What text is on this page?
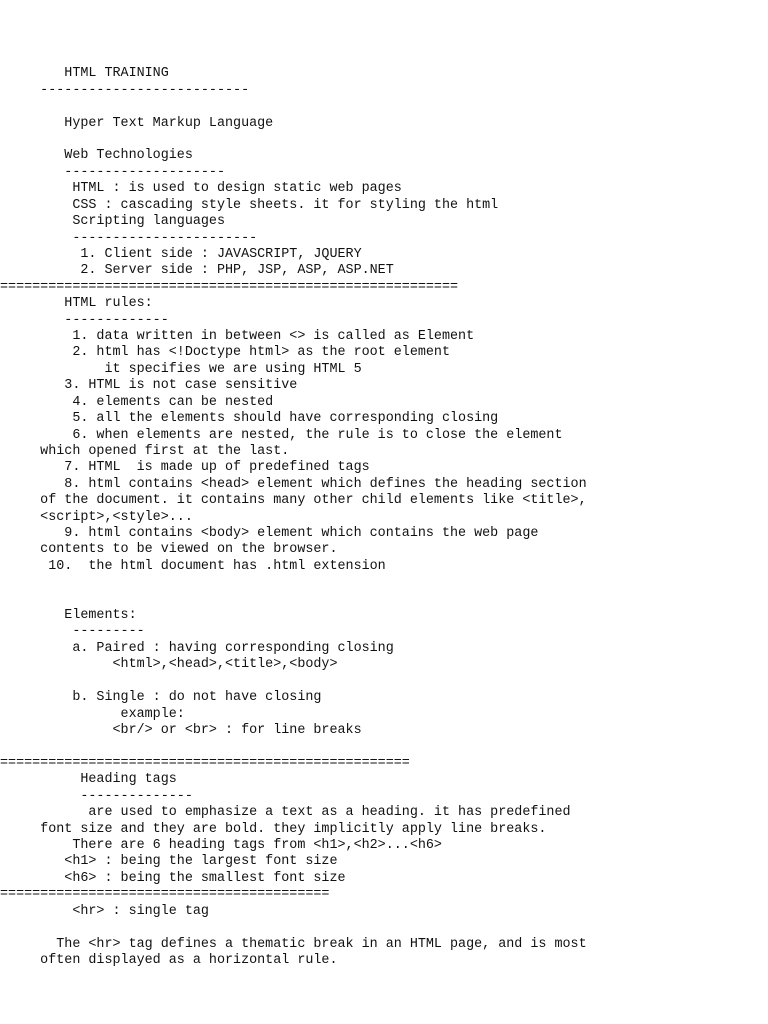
HTML TRAINING
--------------------------
Hyper Text Markup Language
Web Technologies
--------------------
HTML : is used to design static web pages
CSS : cascading style sheets. it for styling the html
Scripting languages
-----------------------
1. Client side : JAVASCRIPT, JQUERY
2. Server side : PHP, JSP, ASP, ASP.NET
=========================================================
HTML rules:
-------------
1. data written in between <> is called as Element
2. html has <!Doctype html> as the root element
it specifies we are using HTML 5
3. HTML is not case sensitive
4. elements can be nested
5. all the elements should have corresponding closing
6. when elements are nested, the rule is to close the element
which opened first at the last.
7. HTML  is made up of predefined tags
8. html contains <head> element which defines the heading section
of the document. it contains many other child elements like <title>,
<script>,<style>...
9. html contains <body> element which contains the web page
contents to be viewed on the browser.
10.  the html document has .html extension
Elements:
---------
a. Paired : having corresponding closing
<html>,<head>,<title>,<body>
b. Single : do not have closing
example:
<br/> or <br> : for line breaks
===================================================
Heading tags
--------------
are used to emphasize a text as a heading. it has predefined
font size and they are bold. they implicitly apply line breaks.
There are 6 heading tags from <h1>,<h2>...<h6>
<h1> : being the largest font size
<h6> : being the smallest font size
=========================================
<hr> : single tag
The <hr> tag defines a thematic break in an HTML page, and is most
often displayed as a horizontal rule.
